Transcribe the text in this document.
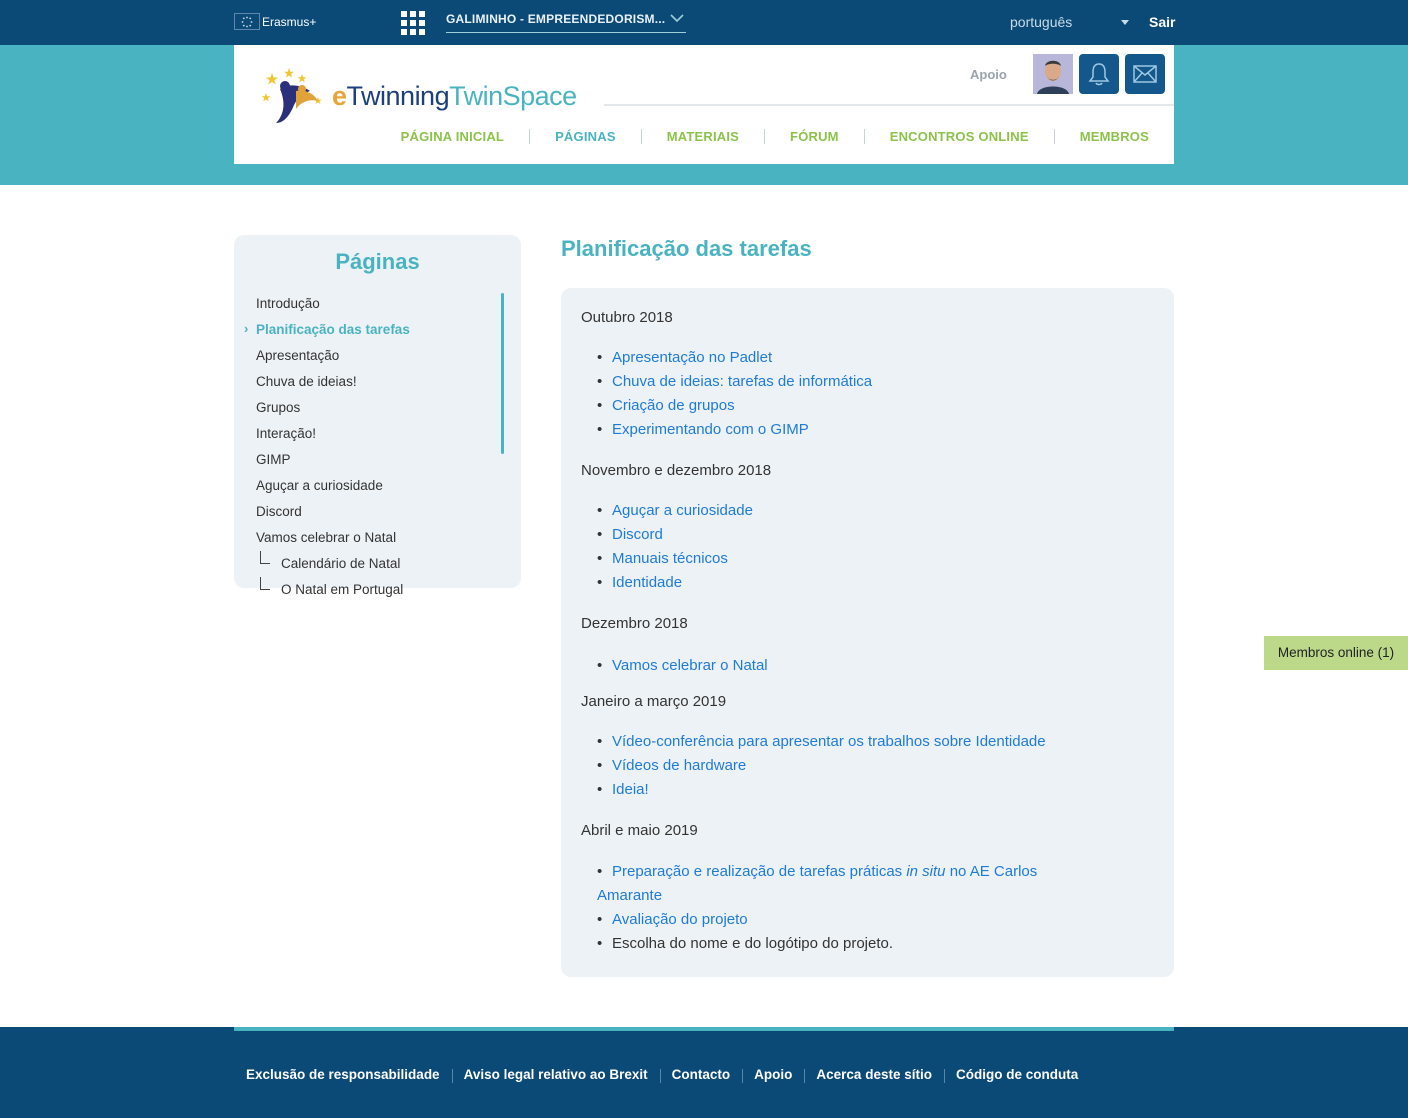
Erasmus+	GALIMINHO - EMPREENDEDORISM...	português	Sair
eTwinningTwinSpace
Apoio
PÁGINA INICIAL	PÁGINAS	MATERIAIS	FÓRUM	ENCONTROS ONLINE	MEMBROS
Páginas
Introdução
› Planificação das tarefas
Apresentação
Chuva de ideias!
Grupos
Interação!
GIMP
Aguçar a curiosidade
Discord
Vamos celebrar o Natal
Calendário de Natal
O Natal em Portugal
Planificação das tarefas

Outubro 2018

• Apresentação no Padlet
• Chuva de ideias: tarefas de informática
• Criação de grupos
• Experimentando com o GIMP

Novembro e dezembro 2018

• Aguçar a curiosidade
• Discord
• Manuais técnicos
• Identidade

Dezembro 2018

• Vamos celebrar o Natal

Janeiro a março 2019

• Vídeo-conferência para apresentar os trabalhos sobre Identidade
• Vídeos de hardware
• Ideia!

Abril e maio 2019

• Preparação e realização de tarefas práticas in situ no AE Carlos Amarante
• Avaliação do projeto
• Escolha do nome e do logótipo do projeto.
Membros online (1)
Exclusão de responsabilidade Aviso legal relativo ao Brexit Contacto Apoio Acerca deste sítio Código de conduta
